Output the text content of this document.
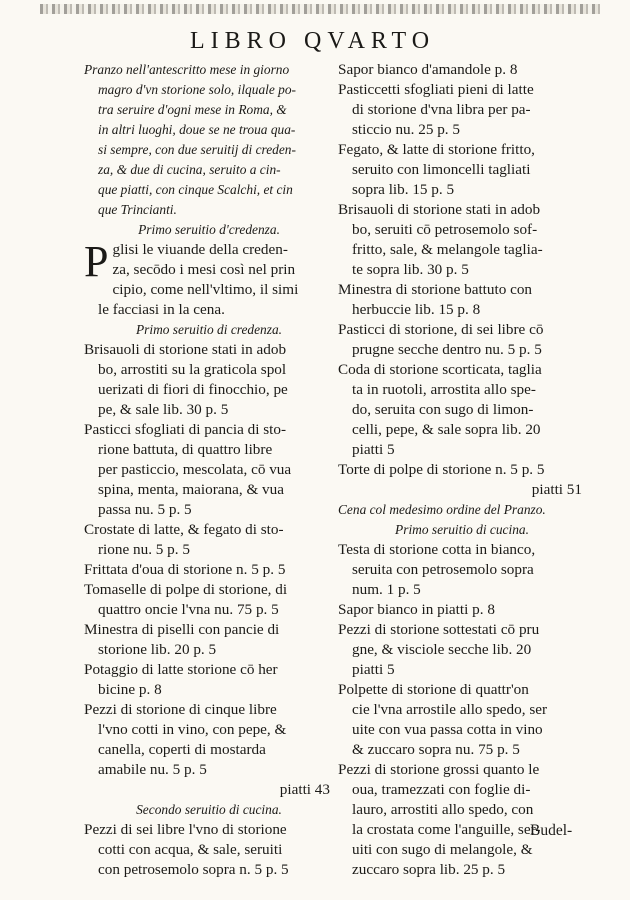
LIBRO QVARTO
Pranzo nell'antescritto mese in giorno
magro d'vn storione solo, ilquale po-
tra seruire d'ogni mese in Roma, &
in altri luoghi, doue se ne troua qua-
si sempre, con due seruitij di creden-
za, & due di cucina, seruito a cin-
que piatti, con cinque Scalchi, et cin
que Trincianti.
Primo seruitio d'credenza.
Pglisi le viuande della creden-
za, secōdo i mesi così nel prin
cipio, come nell'vltimo, il simi
le facciasi in la cena.
Primo seruitio di credenza.
Brisauoli di storione stati in adob
bo, arrostiti su la graticola spol
uerizati di fiori di finocchio, pe
pe, & sale lib. 30 p. 5
Pasticci sfogliati di pancia di sto-
rione battuta, di quattro libre
per pasticcio, mescolata, cō vua
spina, menta, maiorana, & vua
passa nu. 5 p. 5
Crostate di latte, & fegato di sto-
rione nu. 5 p. 5
Frittata d'oua di storione n. 5 p. 5
Tomaselle di polpe di storione, di
quattro oncie l'vna nu. 75 p. 5
Minestra di piselli con pancie di
storione lib. 20 p. 5
Potaggio di latte storione cō her
bicine p. 8
Pezzi di storione di cinque libre
l'vno cotti in vino, con pepe, &
canella, coperti di mostarda
amabile nu. 5 p. 5
piatti 43
Secondo seruitio di cucina.
Pezzi di sei libre l'vno di storione
cotti con acqua, & sale, seruiti
con petrosemolo sopra n. 5 p. 5
Sapor bianco d'amandole p. 8
Pasticcetti sfogliati pieni di latte
di storione d'vna libra per pa-
sticcio nu. 25 p. 5
Fegato, & latte di storione fritto,
seruito con limoncelli tagliati
sopra lib. 15 p. 5
Brisauoli di storione stati in adob
bo, seruiti cō petrosemolo sof-
fritto, sale, & melangole taglia-
te sopra lib. 30 p. 5
Minestra di storione battuto con
herbuccie lib. 15 p. 8
Pasticci di storione, di sei libre cō
prugne secche dentro nu. 5 p. 5
Coda di storione scorticata, taglia
ta in ruotoli, arrostita allo spe-
do, seruita con sugo di limon-
celli, pepe, & sale sopra lib. 20
piatti 5
Torte di polpe di storione n. 5 p. 5
piatti 51
Cena col medesimo ordine del Pranzo.
Primo seruitio di cucina.
Testa di storione cotta in bianco,
seruita con petrosemolo sopra
num. 1 p. 5
Sapor bianco in piatti p. 8
Pezzi di storione sottestati cō pru
gne, & visciole secche lib. 20
piatti 5
Polpette di storione di quattr'on
cie l'vna arrostile allo spedo, ser
uite con vua passa cotta in vino
& zuccaro sopra nu. 75 p. 5
Pezzi di storione grossi quanto le
oua, tramezzati con foglie di-
lauro, arrostiti allo spedo, con
la crostata come l'anguille, ser-
uiti con sugo di melangole, &
zuccaro sopra lib. 25 p. 5
Budel-
